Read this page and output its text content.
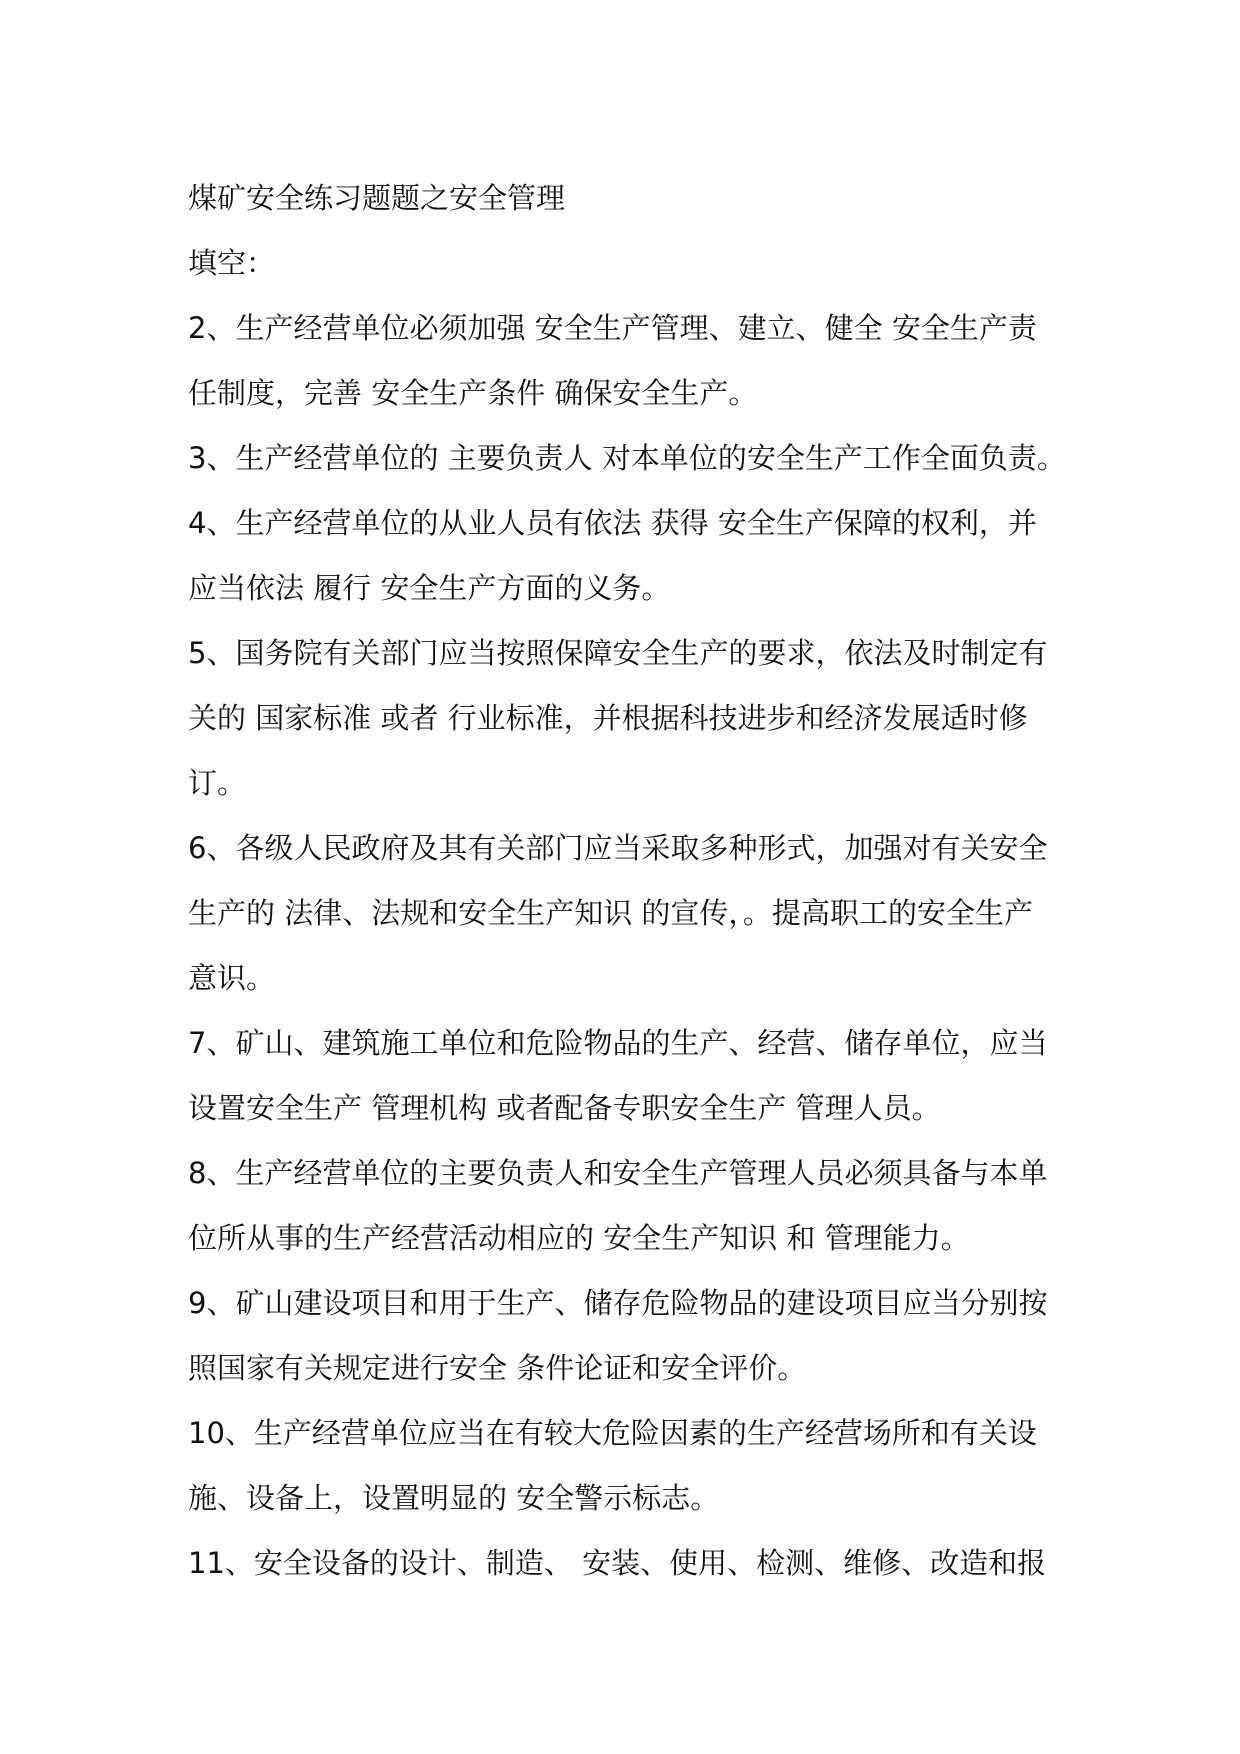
煤矿安全练习题题之安全管理
填空：
2、生产经营单位必须加强 安全生产管理、建立、健全 安全生产责
任制度，完善 安全生产条件 确保安全生产。
3、生产经营单位的 主要负责人 对本单位的安全生产工作全面负责。
4、生产经营单位的从业人员有依法 获得 安全生产保障的权利，并
应当依法 履行 安全生产方面的义务。
5、国务院有关部门应当按照保障安全生产的要求，依法及时制定有
关的 国家标准 或者 行业标准，并根据科技进步和经济发展适时修
订。
6、各级人民政府及其有关部门应当采取多种形式，加强对有关安全
生产的 法律、法规和安全生产知识 的宣传，。提高职工的安全生产
意识。
7、矿山、建筑施工单位和危险物品的生产、经营、储存单位，应当
设置安全生产 管理机构 或者配备专职安全生产 管理人员。
8、生产经营单位的主要负责人和安全生产管理人员必须具备与本单
位所从事的生产经营活动相应的 安全生产知识 和 管理能力。
9、矿山建设项目和用于生产、储存危险物品的建设项目应当分别按
照国家有关规定进行安全 条件论证和安全评价。
10、生产经营单位应当在有较大危险因素的生产经营场所和有关设
施、设备上，设置明显的 安全警示标志。
11、安全设备的设计、制造、 安装、使用、检测、维修、改造和报
